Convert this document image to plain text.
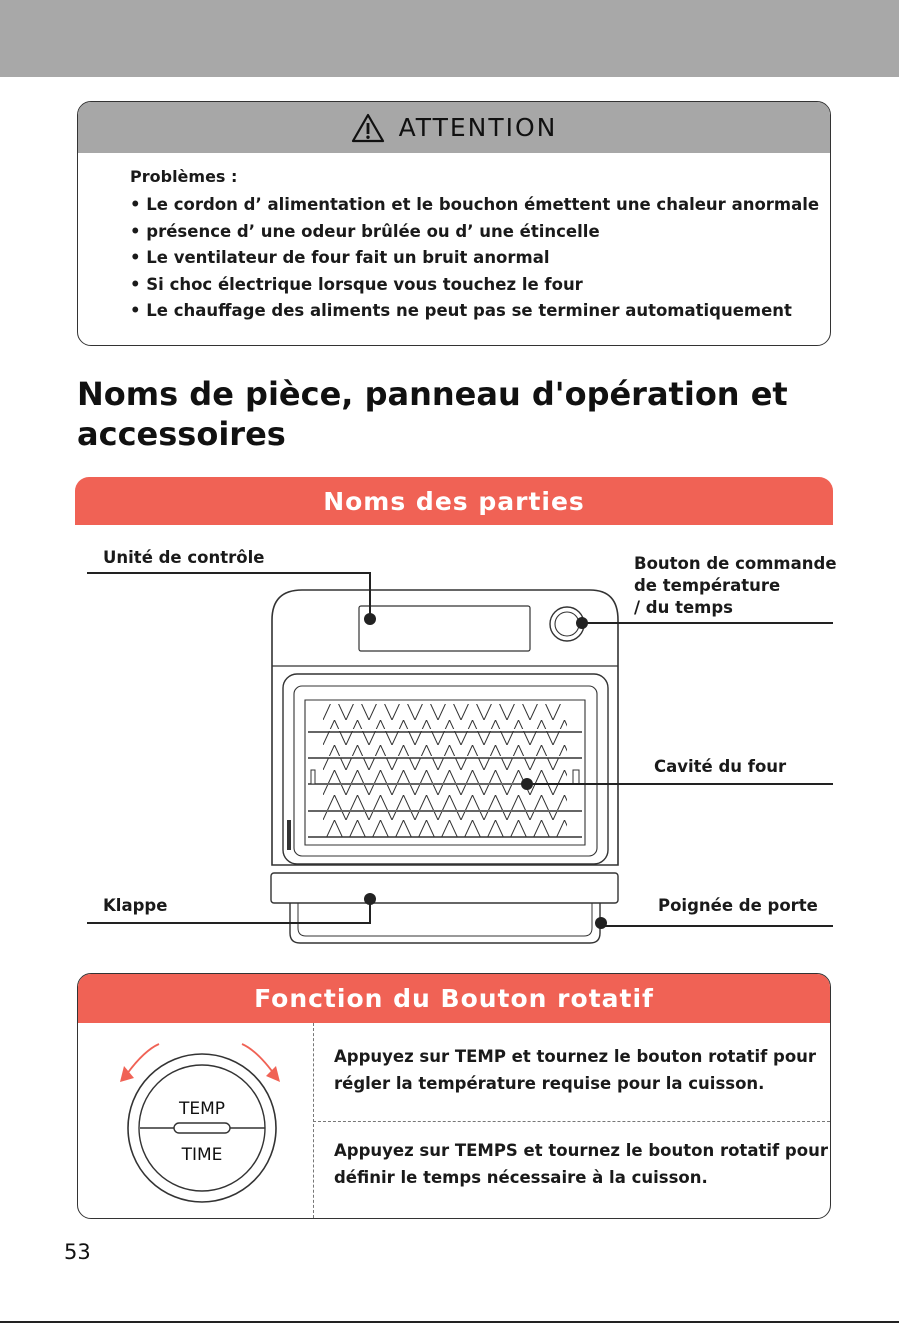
ATTENTION
Problèmes :
• Le cordon d’ alimentation et le bouchon émettent une chaleur anormale
• présence d’ une odeur brûlée ou d’ une étincelle
• Le ventilateur de four fait un bruit anormal
• Si choc électrique lorsque vous touchez le four
• Le chauffage des aliments ne peut pas se terminer automatiquement
Noms de pièce, panneau d'opération et
accessoires
Noms des parties
Unité de contrôle	Bouton de commande
de température
/ du temps
Cavité du four
Klappe	Poignée de porte
Fonction du Bouton rotatif
TEMP
TIME
Appuyez sur TEMP et tournez le bouton rotatif pour
régler la température requise pour la cuisson.
Appuyez sur TEMPS et tournez le bouton rotatif pour
définir le temps nécessaire à la cuisson.
53
